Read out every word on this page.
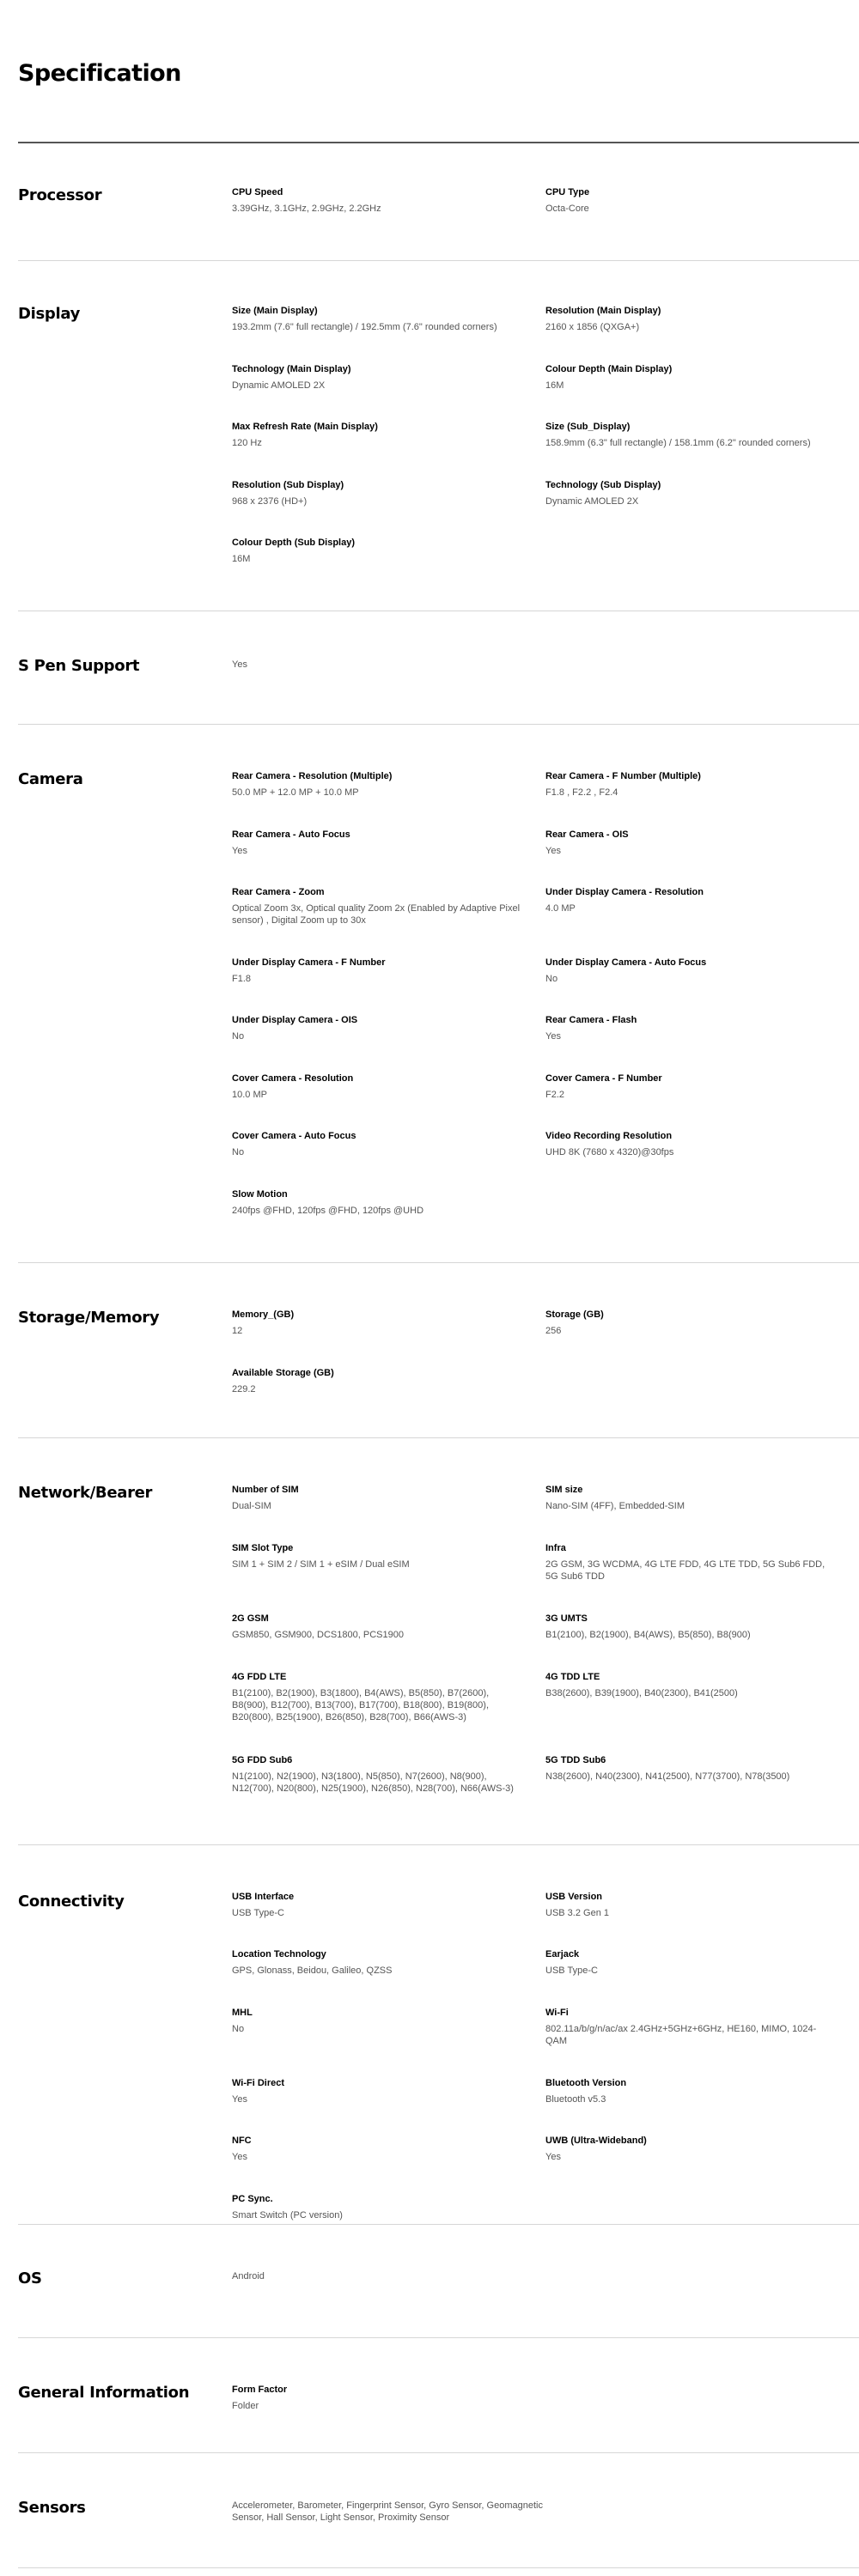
Specification
Processor	CPU Speed
3.39GHz, 3.1GHz, 2.9GHz, 2.2GHz
CPU Type
Octa-Core
Display	Size (Main Display)
193.2mm (7.6" full rectangle) / 192.5mm (7.6" rounded corners)
Resolution (Main Display)
2160 x 1856 (QXGA+)
Technology (Main Display)
Dynamic AMOLED 2X
Colour Depth (Main Display)
16M
Max Refresh Rate (Main Display)
120 Hz
Size (Sub_Display)
158.9mm (6.3" full rectangle) / 158.1mm (6.2" rounded corners)
Resolution (Sub Display)
968 x 2376 (HD+)
Technology (Sub Display)
Dynamic AMOLED 2X
Colour Depth (Sub Display)
16M
S Pen Support	Yes
Camera	Rear Camera - Resolution (Multiple)
50.0 MP + 12.0 MP + 10.0 MP
Rear Camera - F Number (Multiple)
F1.8 , F2.2 , F2.4
Rear Camera - Auto Focus
Yes
Rear Camera - OIS
Yes
Rear Camera - Zoom
Optical Zoom 3x, Optical quality Zoom 2x (Enabled by Adaptive Pixel sensor) , Digital Zoom up to 30x
Under Display Camera - Resolution
4.0 MP
Under Display Camera - F Number
F1.8
Under Display Camera - Auto Focus
No
Under Display Camera - OIS
No
Rear Camera - Flash
Yes
Cover Camera - Resolution
10.0 MP
Cover Camera - F Number
F2.2
Cover Camera - Auto Focus
No
Video Recording Resolution
UHD 8K (7680 x 4320)@30fps
Slow Motion
240fps @FHD, 120fps @FHD, 120fps @UHD
Storage/Memory	Memory_(GB)
12
Storage (GB)
256
Available Storage (GB)
229.2
Network/Bearer	Number of SIM
Dual-SIM
SIM size
Nano-SIM (4FF), Embedded-SIM
SIM Slot Type
SIM 1 + SIM 2 / SIM 1 + eSIM / Dual eSIM
Infra
2G GSM, 3G WCDMA, 4G LTE FDD, 4G LTE TDD, 5G Sub6 FDD, 5G Sub6 TDD
2G GSM
GSM850, GSM900, DCS1800, PCS1900
3G UMTS
B1(2100), B2(1900), B4(AWS), B5(850), B8(900)
4G FDD LTE
B1(2100), B2(1900), B3(1800), B4(AWS), B5(850), B7(2600), B8(900), B12(700), B13(700), B17(700), B18(800), B19(800), B20(800), B25(1900), B26(850), B28(700), B66(AWS-3)
4G TDD LTE
B38(2600), B39(1900), B40(2300), B41(2500)
5G FDD Sub6
N1(2100), N2(1900), N3(1800), N5(850), N7(2600), N8(900), N12(700), N20(800), N25(1900), N26(850), N28(700), N66(AWS-3)
5G TDD Sub6
N38(2600), N40(2300), N41(2500), N77(3700), N78(3500)
Connectivity	USB Interface
USB Type-C
USB Version
USB 3.2 Gen 1
Location Technology
GPS, Glonass, Beidou, Galileo, QZSS
Earjack
USB Type-C
MHL
No
Wi-Fi
802.11a/b/g/n/ac/ax 2.4GHz+5GHz+6GHz, HE160, MIMO, 1024-QAM
Wi-Fi Direct
Yes
Bluetooth Version
Bluetooth v5.3
NFC
Yes
UWB (Ultra-Wideband)
Yes
PC Sync.
Smart Switch (PC version)
OS	Android
General Information	Form Factor
Folder
Sensors	Accelerometer, Barometer, Fingerprint Sensor, Gyro Sensor, Geomagnetic Sensor, Hall Sensor, Light Sensor, Proximity Sensor
